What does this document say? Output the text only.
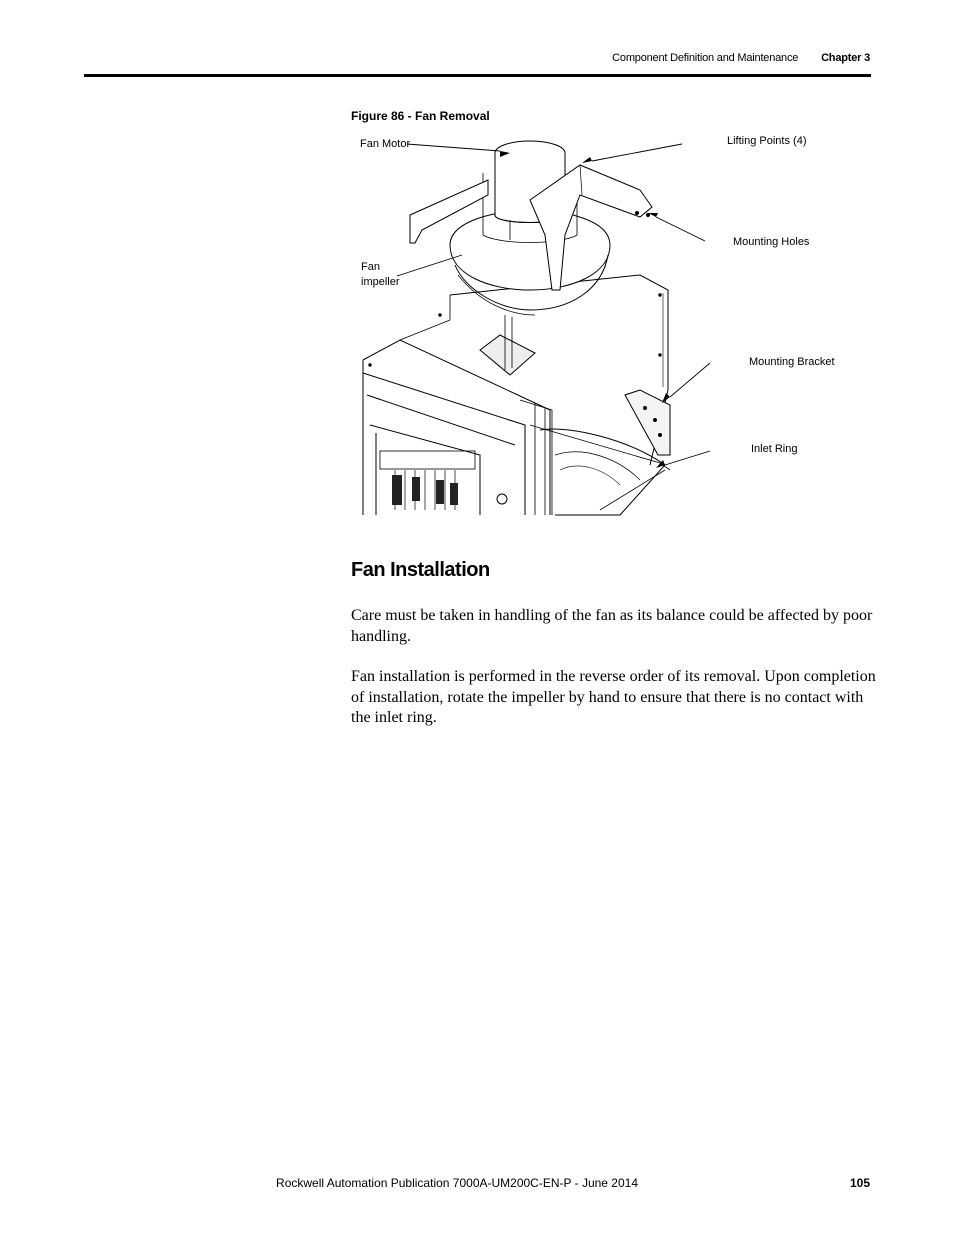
Component Definition and Maintenance Chapter 3
Figure 86 - Fan Removal
Fan Motor	Lifting Points (4)
Mounting Holes
Fan
impeller
Mounting Bracket
Inlet Ring
Fan Installation

Care must be taken in handling of the fan as its balance could be affected by poor handling.

Fan installation is performed in the reverse order of its removal. Upon completion of installation, rotate the impeller by hand to ensure that there is no contact with the inlet ring.

Rockwell Automation Publication 7000A-UM200C-EN-P - June 2014	105
